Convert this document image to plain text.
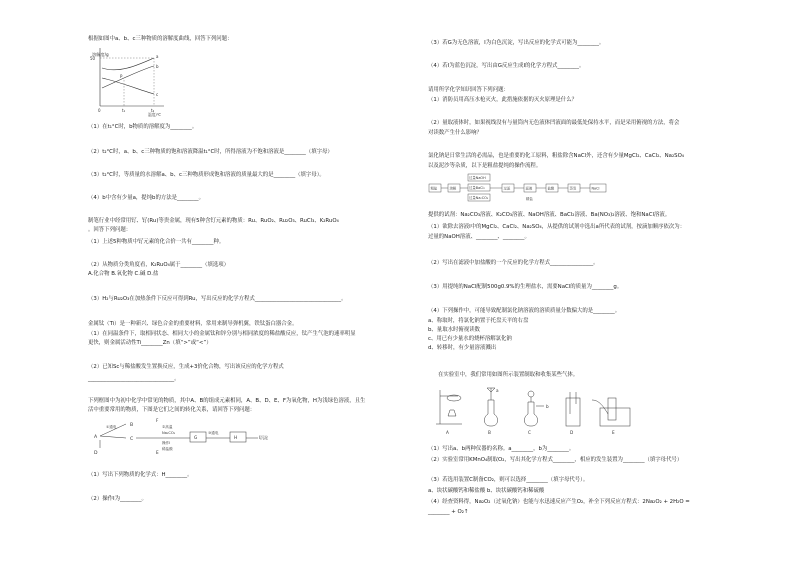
根据如图中a、b、c三种物质的溶解度曲线，回答下列问题：
溶解度/g
50
0	t₁	t₂
温度/℃
a
b
c
P
（1）在t₁°C时，b物质的溶解度为________。
（2）t₂°C时，a、b、c三种物质的饱和溶液降温t₁°C时，所得溶液为不饱和溶液是________（填字母）
（3）t₂°C时，等质量的水溶解a、b、c三种物质形成饱和溶液的质量最大的是________（填字母）。
（4）b中含有少量a，提纯b的方法是________。
制笔行业中经常用钌、钌(Ru)等贵金属，现有5种含钌元素的物质：Ru、RuO₂、Ru₂O₃、RuCl₃、K₂RuO₄
。回答下列问题：
（1）上述5种物质中钌元素的化合价一共有________种。
（2）从物质分类角度看，K₂RuO₄属于________（填选项）
A.化合物 B.氧化物 C.碱 D.盐
（3）H₂与Ru₂O₃在加热条件下反应可得到Ru，写出反应的化学方程式________________________________。
金属钛（Ti）是一种新兴、绿色合金的重要材料，常用来制导弹机翼，铁钛蛋白器合金。
（1）在同温条件下，取相同状态、相同大小的金属钛和锌分别与相同浓度的稀盐酸反应，钛产生气泡的速率明显
更快，则金属活动性Ti________Zn（填“>”或“<”）
（2）已知Sc与稀盐酸发生置换反应，生成+3价化合物，写出该反应的化学方程式
________________________________。
下列框图中为初中化学中常见的物质，其中A、B的组成元素相同，A、B、D、E、F为氧化物，H为浅绿色溶液，且生
活中重要常用的物质，下图是它们之间的转化关系，请回答下列问题：
A
B
C
D
F
E
G	H	I沉淀
①通电	②高温
Na₂CO₃
操作Ⅰ
稀盐酸
③通电
（1）写出下列物质的化学式：H________。
（2）操作Ⅰ为________。
（3）若G为无色溶液，I为白色沉淀，写出反应的化学式可能为________。
（4）若I为蓝色沉淀，写出由G反应生成I的化学方程式________。
请用所学化学知识回答下列问题：
（1）消防员用高压水枪灭火，此措施依据的灭火原理是什么？
（2）量取液体时，如果视线没有与量筒内无色液体凹液面的最低处保持水平，而是采用俯视的方法，将会
对读数产生什么影响？
氯化钠是日常生活的必需品，也是重要的化工原料，粗盐除含NaCl外，还含有少量MgCl₂、CaCl₂、Na₂SO₄
以及泥沙等杂质，以下是粗盐提纯的操作流程。
粗盐	溶解
过量NaOH
过量BaCl₂
过量Na₂CO₃
过滤	滤液	盐酸	蒸发	NaCl
精盐
提供的试剂：Na₂CO₃溶液、K₂CO₃溶液、NaOH溶液、BaCl₂溶液、Ba(NO₃)₂溶液、饱和NaCl溶液。
（1）欲除去溶液Ⅰ中的MgCl₂、CaCl₂、Na₂SO₄，从提供的试剂中选出a所代表的试剂，按滴加顺序依次为：
过量的NaOH溶液、________、________。
（2）写出在滤液中加盐酸的一个反应的化学方程式________________。
（3）用提纯的NaCl配制500g0.9%的生理盐水，需要NaCl的质量为________g。
（4）下列操作中，可能导致配制氯化钠溶液的溶质质量分数偏大的是________。
a、称取时，将氯化钠置于托盘天平的右盘
b、量取水时俯视读数
c、用已有少量水的烧杯溶解氯化钠
d、转移时，有少量溶液溅出
在实验室中，我们常用如图所示装置制取和收集某些气体。
A	B	C	D	E
a
b
（1）写出a、b两种仪器的名称。a________，b为________。
（2）实验室常用KMnO₄制取O₂，写出其化学方程式________，相应的发生装置为________（填字母代号）
（3）若选用装置C制备CO₂，则可以选择________（填字母代号）。
a、块状碳酸钙和稀盐酸 b、块状碳酸钙和稀硫酸
（4）经查资料得，Na₂O₂（过氧化钠）也能与水迅速反应产生O₂，补全下列反应方程式：2Na₂O₂ + 2H₂O =
________ + O₂↑
